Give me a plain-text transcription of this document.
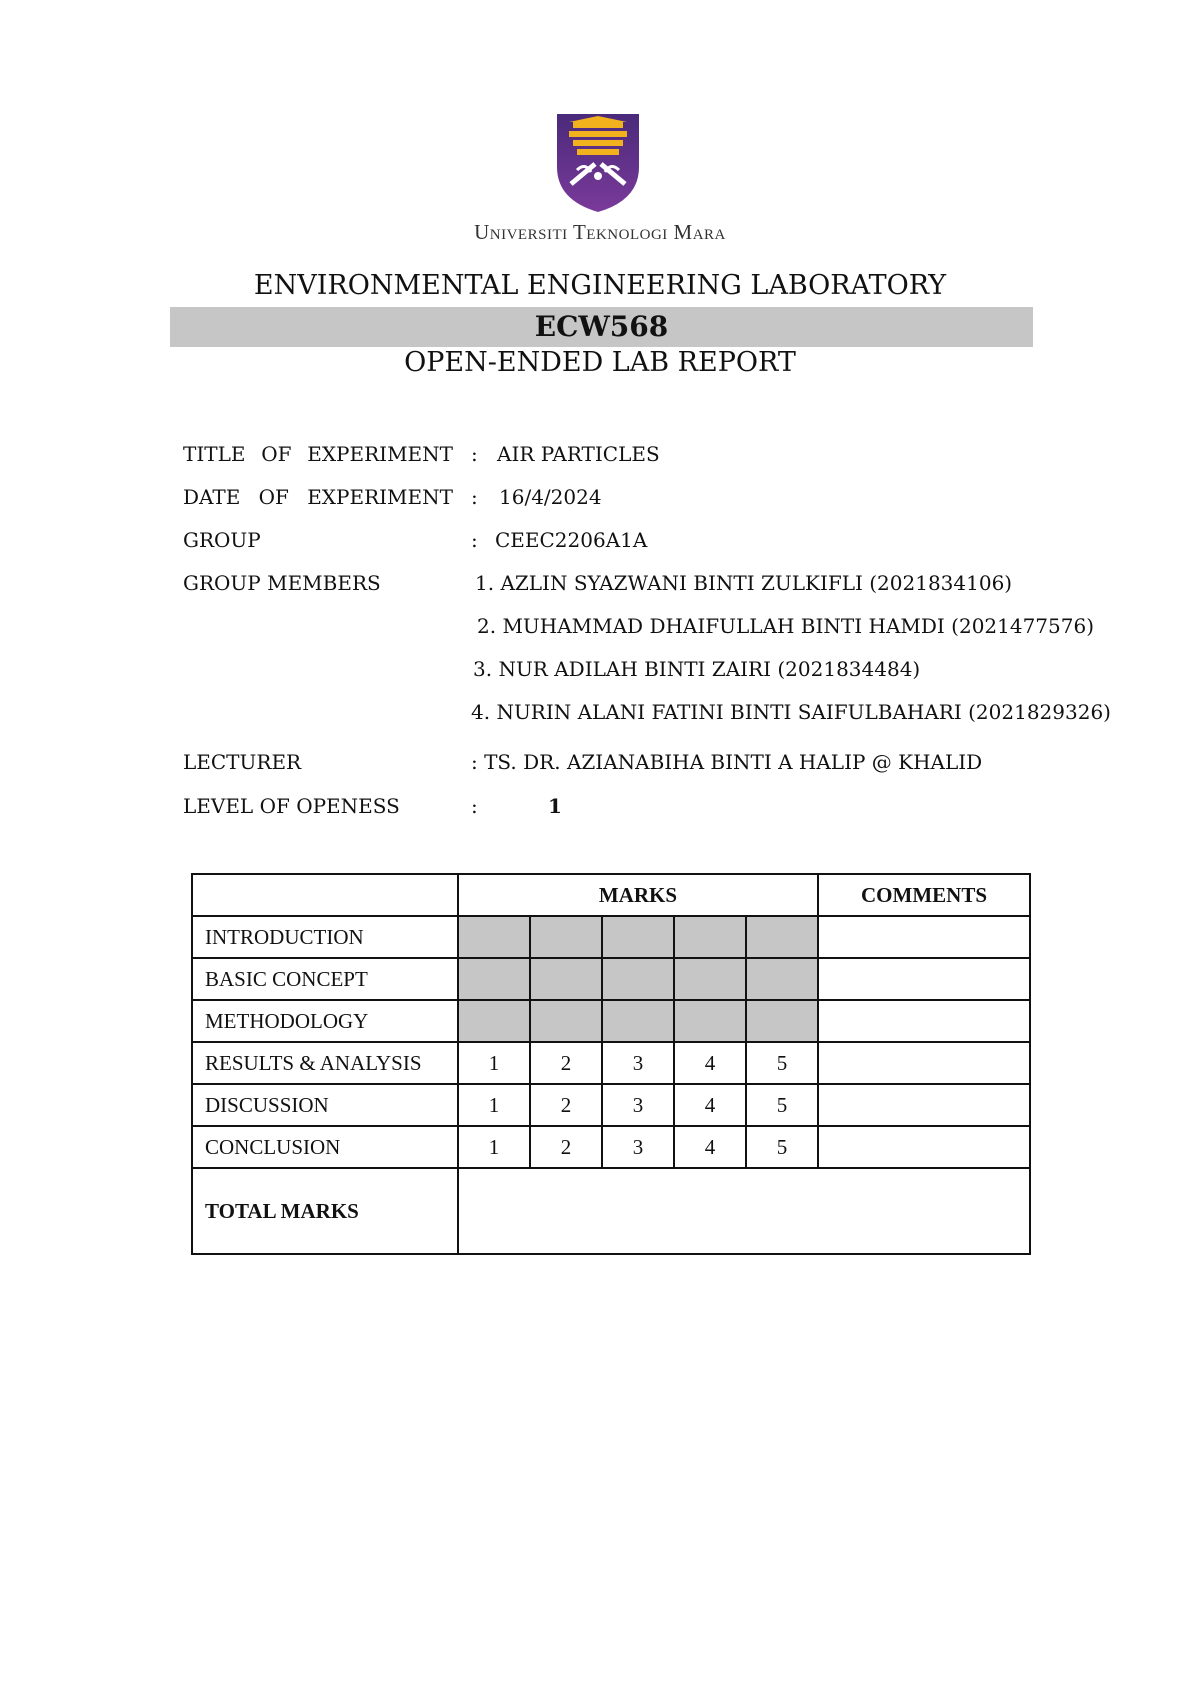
Universiti Teknologi Mara
ENVIRONMENTAL ENGINEERING LABORATORY
ECW568
OPEN-ENDED LAB REPORT
TITLE OF EXPERIMENT : AIR PARTICLES
DATE OF EXPERIMENT : 16/4/2024
GROUP	: CEEC2206A1A
GROUP MEMBERS	1. AZLIN SYAZWANI BINTI ZULKIFLI (2021834106)
2. MUHAMMAD DHAIFULLAH BINTI HAMDI (2021477576)
3. NUR ADILAH BINTI ZAIRI (2021834484)
4. NURIN ALANI FATINI BINTI SAIFULBAHARI (2021829326)
LECTURER	: TS. DR. AZIANABIHA BINTI A HALIP @ KHALID
LEVEL OF OPENESS	:	1
	MARKS					COMMENTS
INTRODUCTION						
BASIC CONCEPT						
METHODOLOGY						
RESULTS & ANALYSIS	1	2	3	4	5	
DISCUSSION	1	2	3	4	5	
CONCLUSION	1	2	3	4	5	
TOTAL MARKS						
